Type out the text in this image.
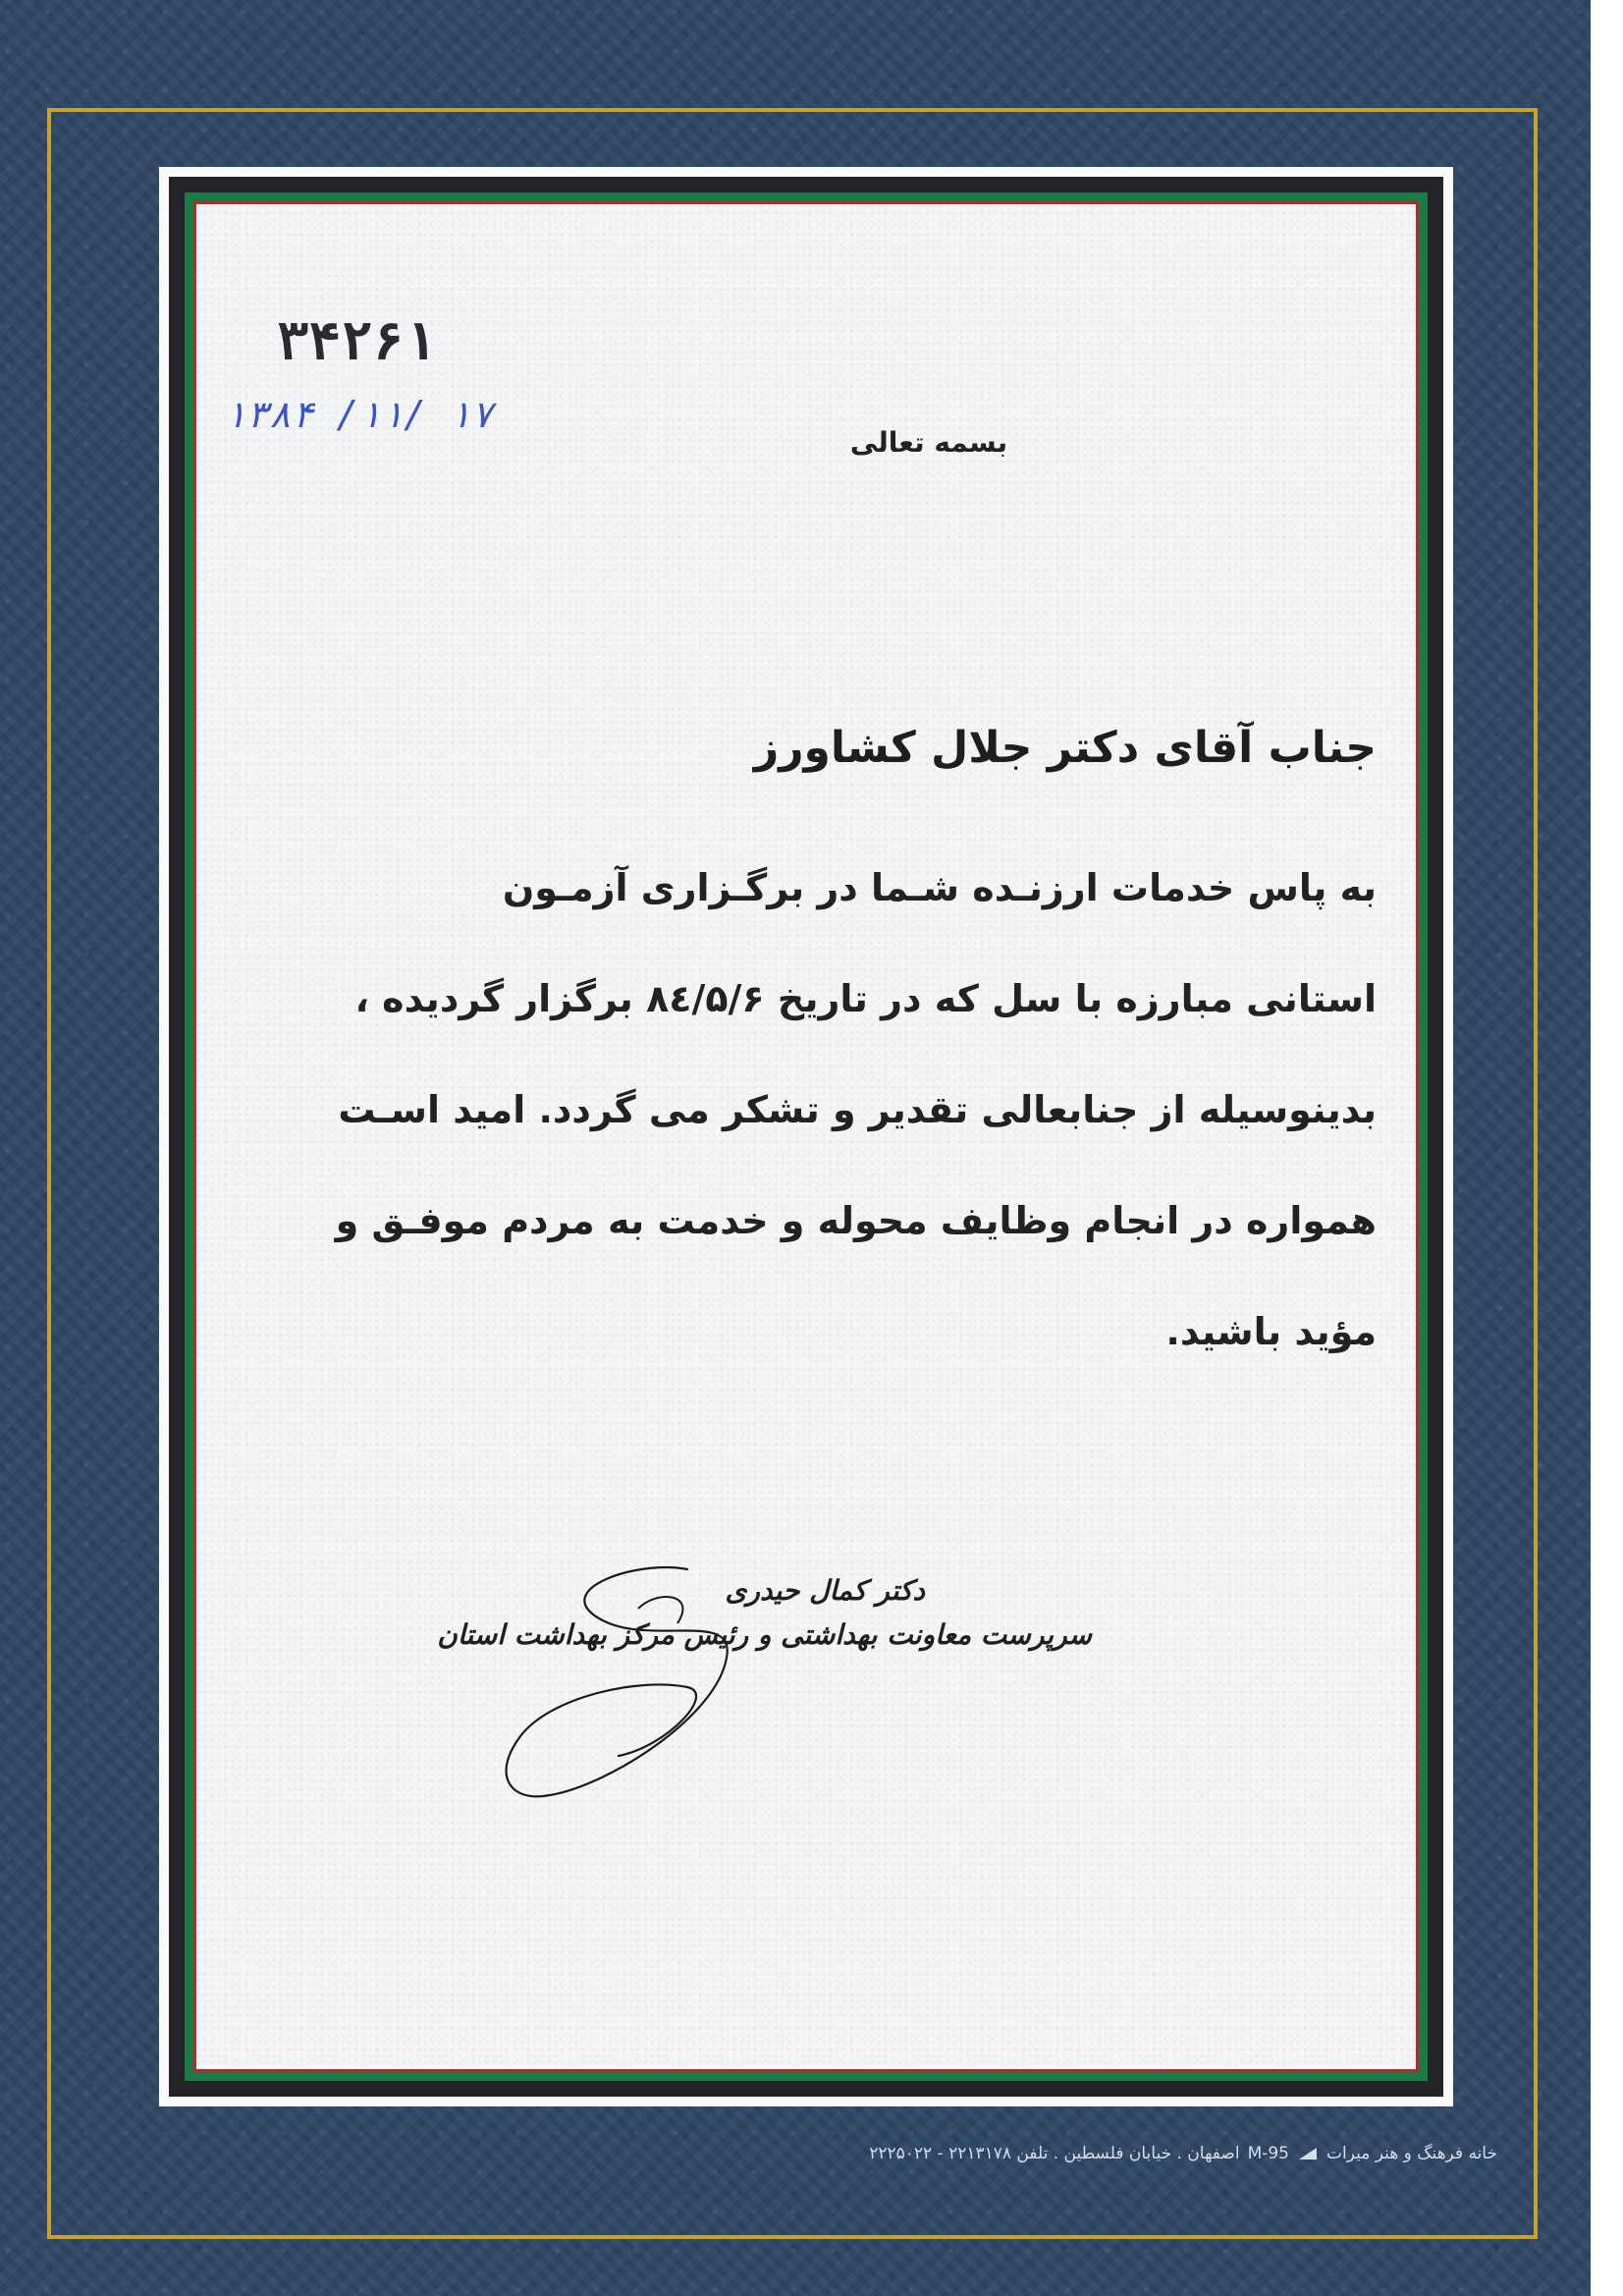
۳۴۲۶۱
۱۳۸۴ /۱۱/ ۱۷
بسمه تعالی
جناب آقای دکتر جلال کشاورز

به پاس خدمات ارزنـده شـما در برگـزاری آزمـون

استانی مبارزه با سل که در تاریخ ۸٤/۵/۶ برگزار گردیده ،

بدینوسیله از جنابعالی تقدیر و تشکر می گردد. امید اسـت

همواره در انجام وظایف محوله و خدمت به مردم موفـق و

مؤید باشید.

دکتر کمال حیدری
سرپرست معاونت بهداشتی و رئیس مرکز بهداشت استان
خانه فرهنگ و هنر میرات
M-95
اصفهان . خیابان فلسطین . تلفن ۲۲۱۳۱۷۸ - ۲۲۲۵۰۲۲
